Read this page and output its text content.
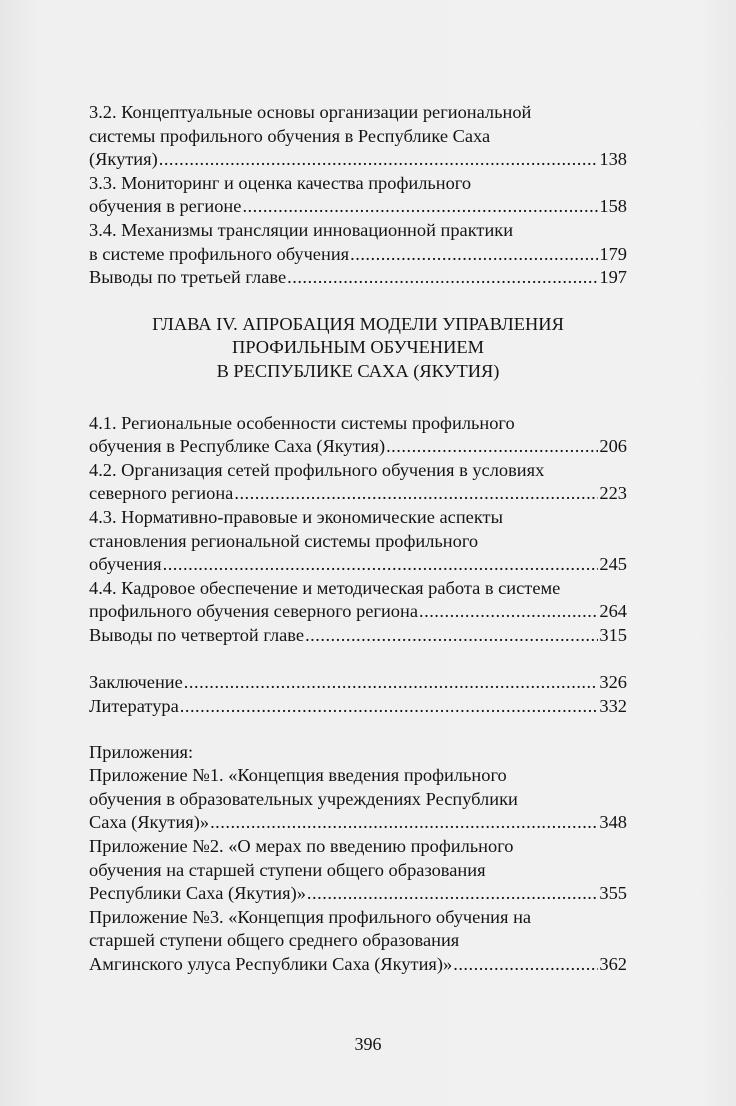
3.2. Концептуальные основы организации региональной
системы профильного обучения в Республике Саха
(Якутия) .....	138
3.3. Мониторинг и оценка качества профильного
обучения в регионе .....	158
3.4. Механизмы трансляции инновационной практики
в системе профильного обучения .....	179
Выводы по третьей главе .....	197
ГЛАВА IV. АПРОБАЦИЯ МОДЕЛИ УПРАВЛЕНИЯ
ПРОФИЛЬНЫМ ОБУЧЕНИЕМ
В РЕСПУБЛИКЕ САХА (ЯКУТИЯ)
4.1. Региональные особенности системы профильного
обучения в Республике Саха (Якутия) .....	206
4.2. Организация сетей профильного обучения в условиях
северного региона .....	223
4.3. Нормативно-правовые и экономические аспекты
становления региональной системы профильного
обучения .....	245
4.4. Кадровое обеспечение и методическая работа в системе
профильного обучения северного региона .....	264
Выводы по четвертой главе .....	315
Заключение .....	326
Литература .....	332
Приложения:
Приложение №1. «Концепция введения профильного
обучения в образовательных учреждениях Республики
Саха (Якутия)» .....	348
Приложение №2. «О мерах по введению профильного
обучения на старшей ступени общего образования
Республики Саха (Якутия)» .....	355
Приложение №3. «Концепция профильного обучения на
старшей ступени общего среднего образования
Амгинского улуса Республики Саха (Якутия)» .....	362
396
